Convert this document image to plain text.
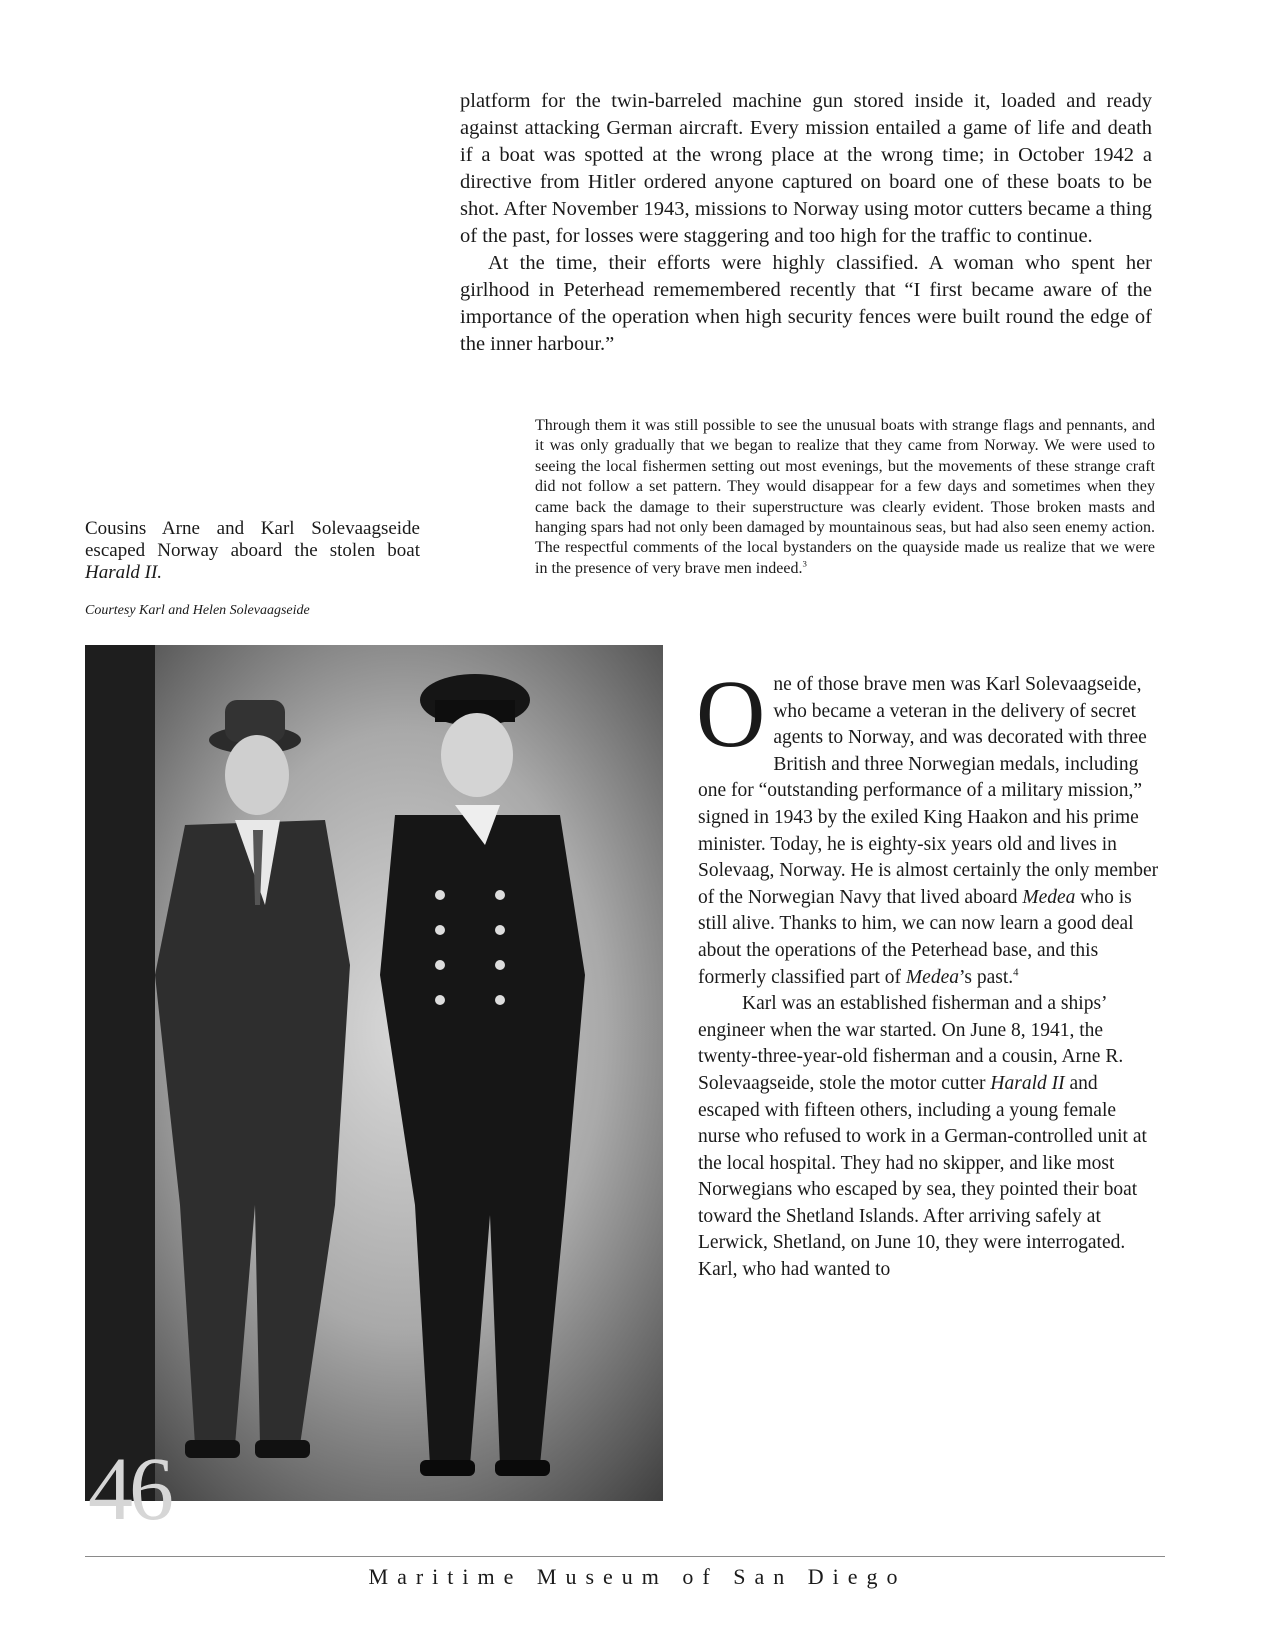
platform for the twin-barreled machine gun stored inside it, loaded and ready against attacking German aircraft. Every mission entailed a game of life and death if a boat was spotted at the wrong place at the wrong time; in October 1942 a directive from Hitler ordered anyone captured on board one of these boats to be shot. After November 1943, missions to Norway using motor cutters became a thing of the past, for losses were staggering and too high for the traffic to continue.

At the time, their efforts were highly classified. A woman who spent her girlhood in Peterhead rememembered recently that “I first became aware of the importance of the operation when high security fences were built round the edge of the inner harbour.”

Through them it was still possible to see the unusual boats with strange flags and pennants, and it was only gradually that we began to realize that they came from Norway. We were used to seeing the local fishermen setting out most evenings, but the movements of these strange craft did not follow a set pattern. They would disappear for a few days and sometimes when they came back the damage to their superstructure was clearly evident. Those broken masts and hanging spars had not only been damaged by mountainous seas, but had also seen enemy action. The respectful comments of the local bystanders on the quayside made us realize that we were in the presence of very brave men indeed.$^3$

Cousins Arne and Karl Solevaagseide escaped Norway aboard the stolen boat Harald II.

Courtesy Karl and Helen Solevaagseide

One of those brave men was Karl Solevaagseide, who became a veteran in the delivery of secret agents to Norway, and was decorated with three British and three Norwegian medals, including one for “outstanding performance of a military mission,” signed in 1943 by the exiled King Haakon and his prime minister. Today, he is eighty-six years old and lives in Solevaag, Norway. He is almost certainly the only member of the Norwegian Navy that lived aboard Medea who is still alive. Thanks to him, we can now learn a good deal about the operations of the Peterhead base, and this formerly classified part of Medea’s past.$^4$

Karl was an established fisherman and a ships’ engineer when the war started. On June 8, 1941, the twenty-three-year-old fisherman and a cousin, Arne R. Solevaagseide, stole the motor cutter Harald II and escaped with fifteen others, including a young female nurse who refused to work in a German-controlled unit at the local hospital. They had no skipper, and like most Norwegians who escaped by sea, they pointed their boat toward the Shetland Islands. After arriving safely at Lerwick, Shetland, on June 10, they were interrogated. Karl, who had wanted to

46
Maritime Museum of San Diego
